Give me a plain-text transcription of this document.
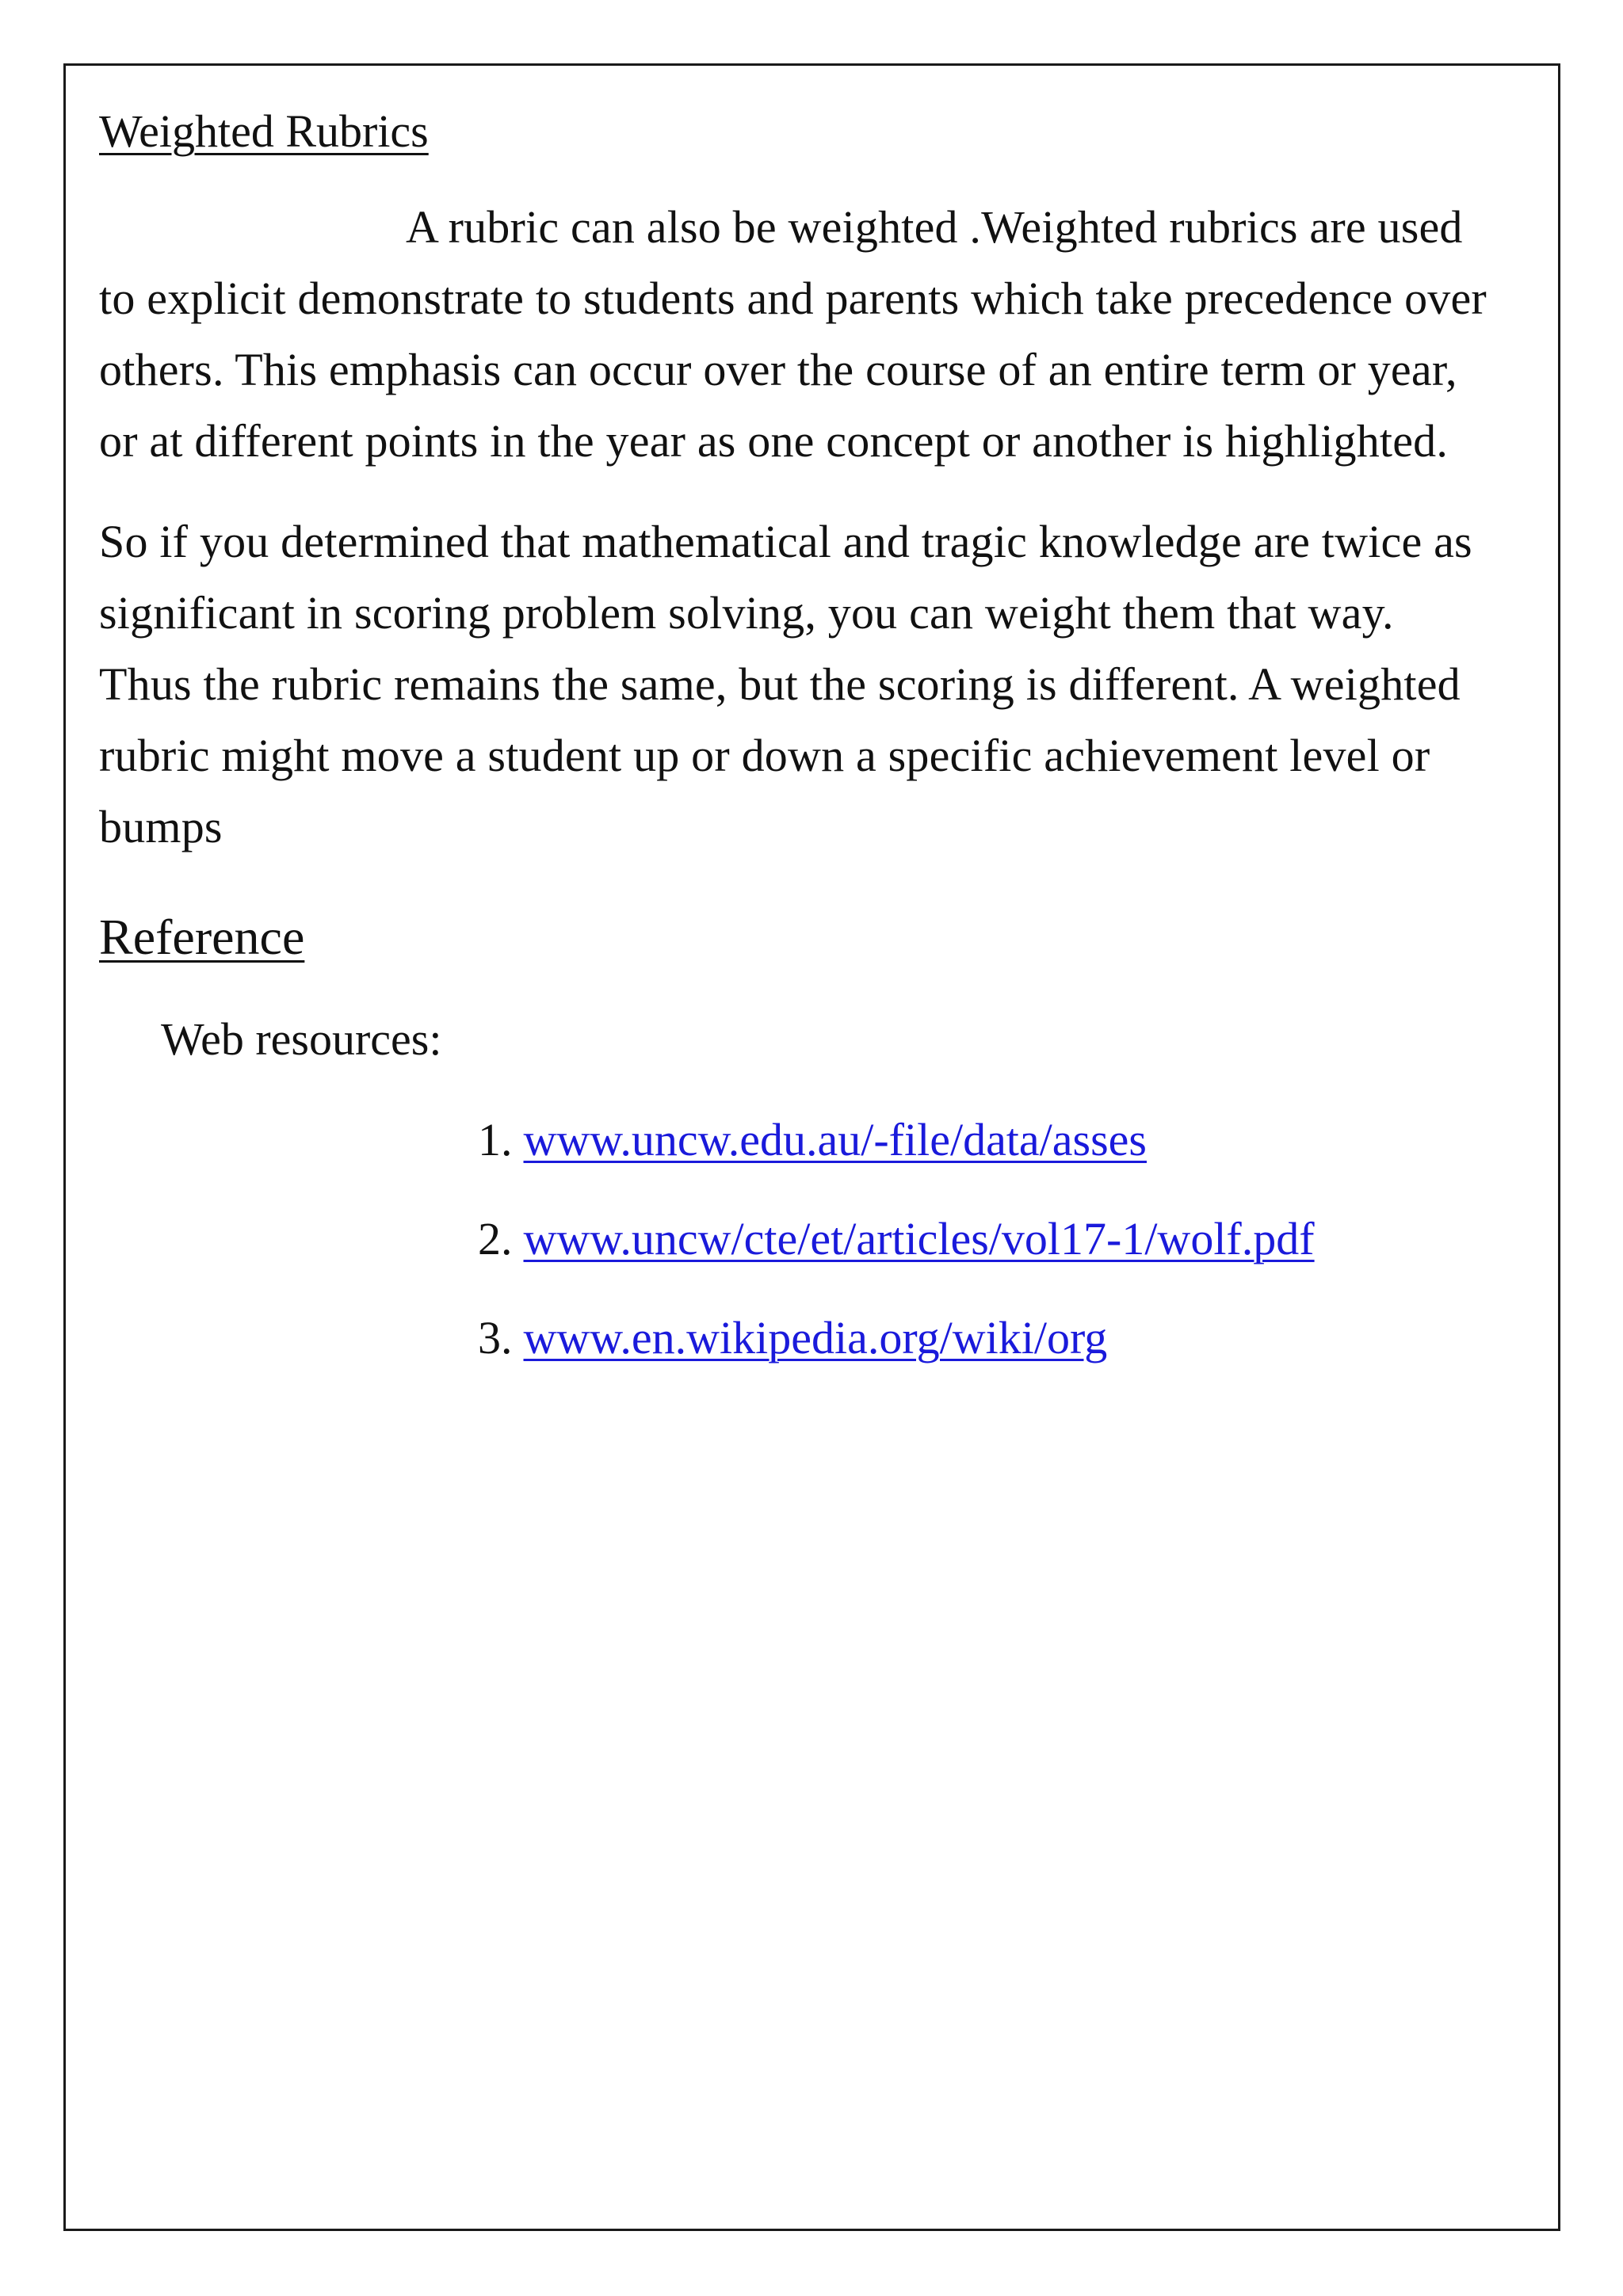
Weighted Rubrics
A rubric can also be weighted .Weighted rubrics are used
to explicit demonstrate to students and parents which take precedence over
others. This emphasis can occur over the course of an entire term or year,
or at different points in the year as one concept or another is highlighted.
So if you determined that mathematical and tragic knowledge are twice as
significant in scoring problem solving, you can weight them that way.
Thus the rubric remains the same, but the scoring is different. A weighted
rubric might move a student up or down a specific achievement level or
bumps
Reference
Web resources:
1. www.uncw.edu.au/-file/data/asses
2. www.uncw/cte/et/articles/vol17-1/wolf.pdf
3. www.en.wikipedia.org/wiki/org
